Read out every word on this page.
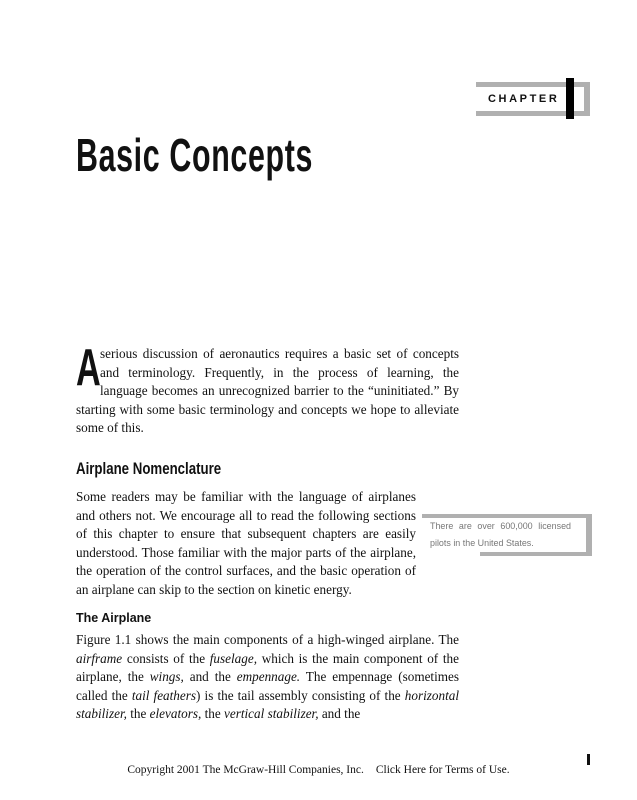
CHAPTER
Basic Concepts
A serious discussion of aeronautics requires a basic set of concepts and terminology. Frequently, in the process of learning, the language becomes an unrecognized barrier to the “uninitiated.” By starting with some basic terminology and concepts we hope to alleviate some of this.
Airplane Nomenclature
Some readers may be familiar with the language of airplanes and others not. We encourage all to read the following sections of this chapter to ensure that subsequent chapters are easily understood. Those familiar with the major parts of the airplane, the operation of the control surfaces, and the basic operation of an airplane can skip to the section on kinetic energy.
There are over 600,000 licensed pilots in the United States.
The Airplane
Figure 1.1 shows the main components of a high-winged airplane. The airframe consists of the fuselage, which is the main component of the airplane, the wings, and the empennage. The empennage (sometimes called the tail feathers) is the tail assembly consisting of the horizontal stabilizer, the elevators, the vertical stabilizer, and the
Copyright 2001 The McGraw-Hill Companies, Inc. Click Here for Terms of Use.
